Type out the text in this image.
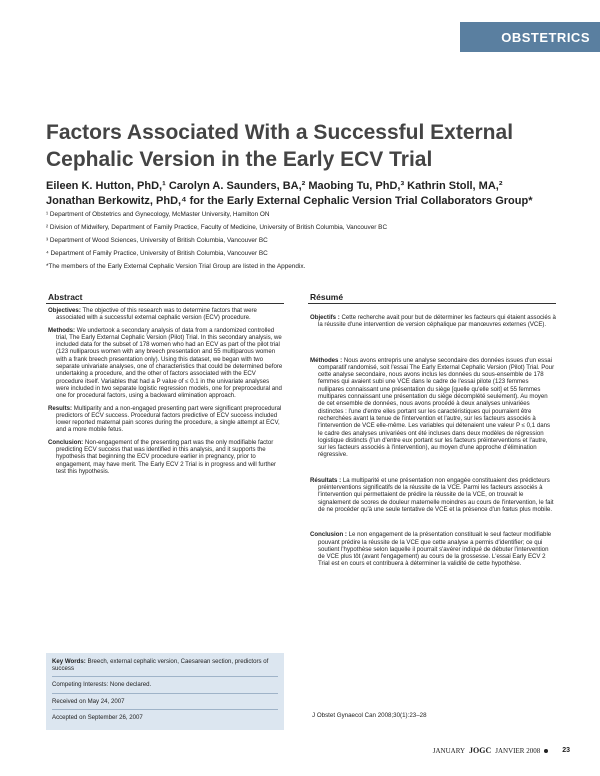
OBSTETRICS
Factors Associated With a Successful External Cephalic Version in the Early ECV Trial
Eileen K. Hutton, PhD,¹ Carolyn A. Saunders, BA,² Maobing Tu, PhD,³ Kathrin Stoll, MA,²
Jonathan Berkowitz, PhD,⁴ for the Early External Cephalic Version Trial Collaborators Group*
¹ Department of Obstetrics and Gynecology, McMaster University, Hamilton ON
² Division of Midwifery, Department of Family Practice, Faculty of Medicine, University of British Columbia, Vancouver BC
³ Department of Wood Sciences, University of British Columbia, Vancouver BC
⁴ Department of Family Practice, University of British Columbia, Vancouver BC
*The members of the Early External Cephalic Version Trial Group are listed in the Appendix.
Abstract	Résumé
Objectives: The objective of this research was to determine factors that were associated with a successful external cephalic version (ECV) procedure.
Methods: We undertook a secondary analysis of data from a randomized controlled trial, The Early External Cephalic Version (Pilot) Trial. In this secondary analysis, we included data for the subset of 178 women who had an ECV as part of the pilot trial (123 nulliparous women with any breech presentation and 55 multiparous women with a frank breech presentation only). Using this dataset, we began with two separate univariate analyses, one of characteristics that could be determined before undertaking a procedure, and the other of factors associated with the ECV procedure itself. Variables that had a P value of ≤ 0.1 in the univariate analyses were included in two separate logistic regression models, one for preprocedural and one for procedural factors, using a backward elimination approach.
Results: Multiparity and a non-engaged presenting part were significant preprocedural predictors of ECV success. Procedural factors predictive of ECV success included lower reported maternal pain scores during the procedure, a single attempt at ECV, and a more mobile fetus.
Conclusion: Non-engagement of the presenting part was the only modifiable factor predicting ECV success that was identified in this analysis, and it supports the hypothesis that beginning the ECV procedure earlier in pregnancy, prior to engagement, may have merit. The Early ECV 2 Trial is in progress and will further test this hypothesis.
Objectifs : Cette recherche avait pour but de déterminer les facteurs qui étaient associés à la réussite d'une intervention de version céphalique par manœuvres externes (VCE).
Méthodes : Nous avons entrepris une analyse secondaire des données issues d'un essai comparatif randomisé, soit l'essai The Early External Cephalic Version (Pilot) Trial. Pour cette analyse secondaire, nous avons inclus les données du sous-ensemble de 178 femmes qui avaient subi une VCE dans le cadre de l'essai pilote (123 femmes nullipares connaissant une présentation du siège [quelle qu'elle soit] et 55 femmes multipares connaissant une présentation du siège décomplété seulement). Au moyen de cet ensemble de données, nous avons procédé à deux analyses univariées distinctes : l'une d'entre elles portant sur les caractéristiques qui pourraient être recherchées avant la tenue de l'intervention et l'autre, sur les facteurs associés à l'intervention de VCE elle-même. Les variables qui détenaient une valeur P ≤ 0,1 dans le cadre des analyses univariées ont été incluses dans deux modèles de régression logistique distincts (l'un d'entre eux portant sur les facteurs préinterventions et l'autre, sur les facteurs associés à l'intervention), au moyen d'une approche d'élimination régressive.
Résultats : La multiparité et une présentation non engagée constituaient des prédicteurs préinterventions significatifs de la réussite de la VCE. Parmi les facteurs associés à l'intervention qui permettaient de prédire la réussite de la VCE, on trouvait le signalement de scores de douleur maternelle moindres au cours de l'intervention, le fait de ne procéder qu'à une seule tentative de VCE et la présence d'un fœtus plus mobile.
Conclusion : Le non engagement de la présentation constituait le seul facteur modifiable pouvant prédire la réussite de la VCE que cette analyse a permis d'identifier; ce qui soutient l'hypothèse selon laquelle il pourrait s'avérer indiqué de débuter l'intervention de VCE plus tôt (avant l'engagement) au cours de la grossesse. L'essai Early ECV 2 Trial est en cours et contribuera à déterminer la validité de cette hypothèse.
Key Words: Breech, external cephalic version, Caesarean section, predictors of success
Competing Interests: None declared.
Received on May 24, 2007
Accepted on September 26, 2007	J Obstet Gynaecol Can 2008;30(1):23–28
JANUARY JOGC JANVIER 2008	23
